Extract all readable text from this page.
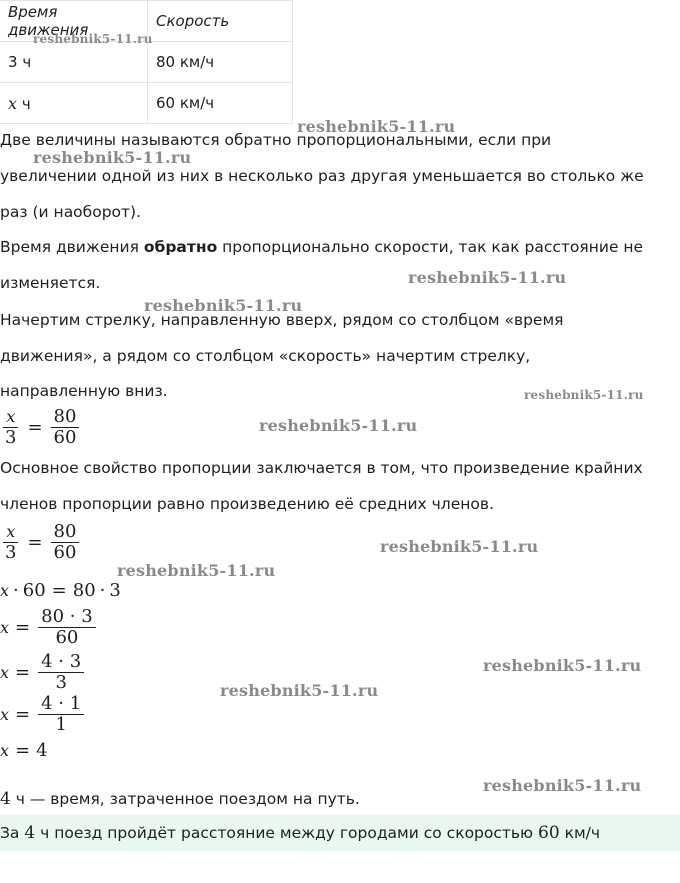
Время движения	Скорость
3 ч	80 км/ч
x ч	60 км/ч
Две величины называются обратно пропорциональными, если при
увеличении одной из них в несколько раз другая уменьшается во столько же
раз (и наоборот).
Время движения обратно пропорционально скорости, так как расстояние не
изменяется.
Начертим стрелку, направленную вверх, рядом со столбцом «время
движения», а рядом со столбцом «скорость» начертим стрелку,
направленную вниз.
$\frac{x}{3} = \frac{80}{60}$
Основное свойство пропорции заключается в том, что произведение крайних
членов пропорции равно произведению её средних членов.
$\frac{x}{3} = \frac{80}{60}$
x · 60 = 80 · 3
$x = \frac{80 \cdot 3}{60}$
$x = \frac{4 \cdot 3}{3}$
$x = \frac{4 \cdot 1}{1}$
x = 4
4 ч — время, затраченное поездом на путь.
За 4 ч поезд пройдёт расстояние между городами со скоростью 60 км/ч
reshebnik5-11.ru
reshebnik5-11.ru
reshebnik5-11.ru
reshebnik5-11.ru
reshebnik5-11.ru
reshebnik5-11.ru
reshebnik5-11.ru
reshebnik5-11.ru
reshebnik5-11.ru
reshebnik5-11.ru
reshebnik5-11.ru
reshebnik5-11.ru
